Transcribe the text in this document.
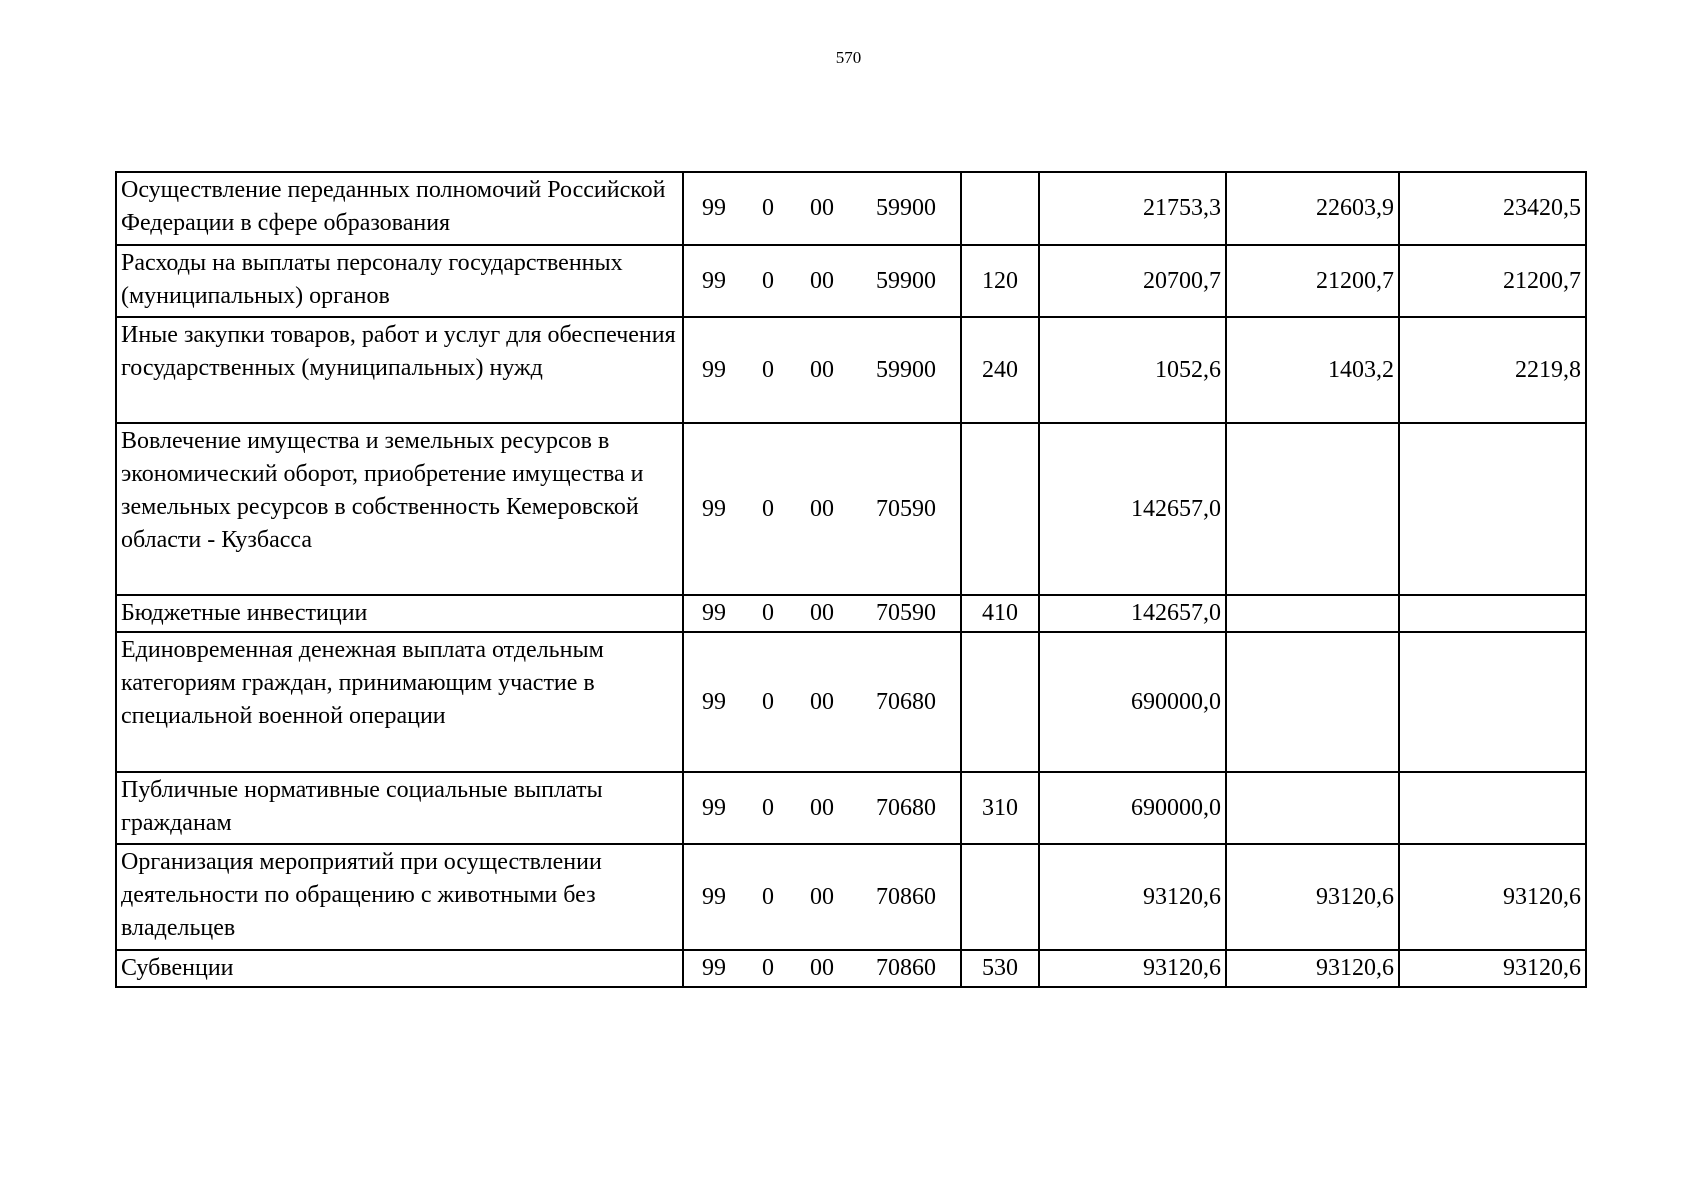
570
Осуществление переданных полномочий Российской Федерации в сфере образования	99 0 00 59900		21753,3	22603,9	23420,5
Расходы на выплаты персоналу государственных (муниципальных) органов	99 0 00 59900	120	20700,7	21200,7	21200,7
Иные закупки товаров, работ и услуг для обеспечения государственных (муниципальных) нужд	99 0 00 59900	240	1052,6	1403,2	2219,8
Вовлечение имущества и земельных ресурсов в экономический оборот, приобретение имущества и земельных ресурсов в собственность Кемеровской области - Кузбасса	99 0 00 70590		142657,0		
Бюджетные инвестиции	99 0 00 70590	410	142657,0		
Единовременная денежная выплата отдельным категориям граждан, принимающим участие в специальной военной операции	99 0 00 70680		690000,0		
Публичные нормативные социальные выплаты гражданам	99 0 00 70680	310	690000,0		
Организация мероприятий при осуществлении деятельности по обращению с животными без владельцев	99 0 00 70860		93120,6	93120,6	93120,6
Субвенции	99 0 00 70860	530	93120,6	93120,6	93120,6
